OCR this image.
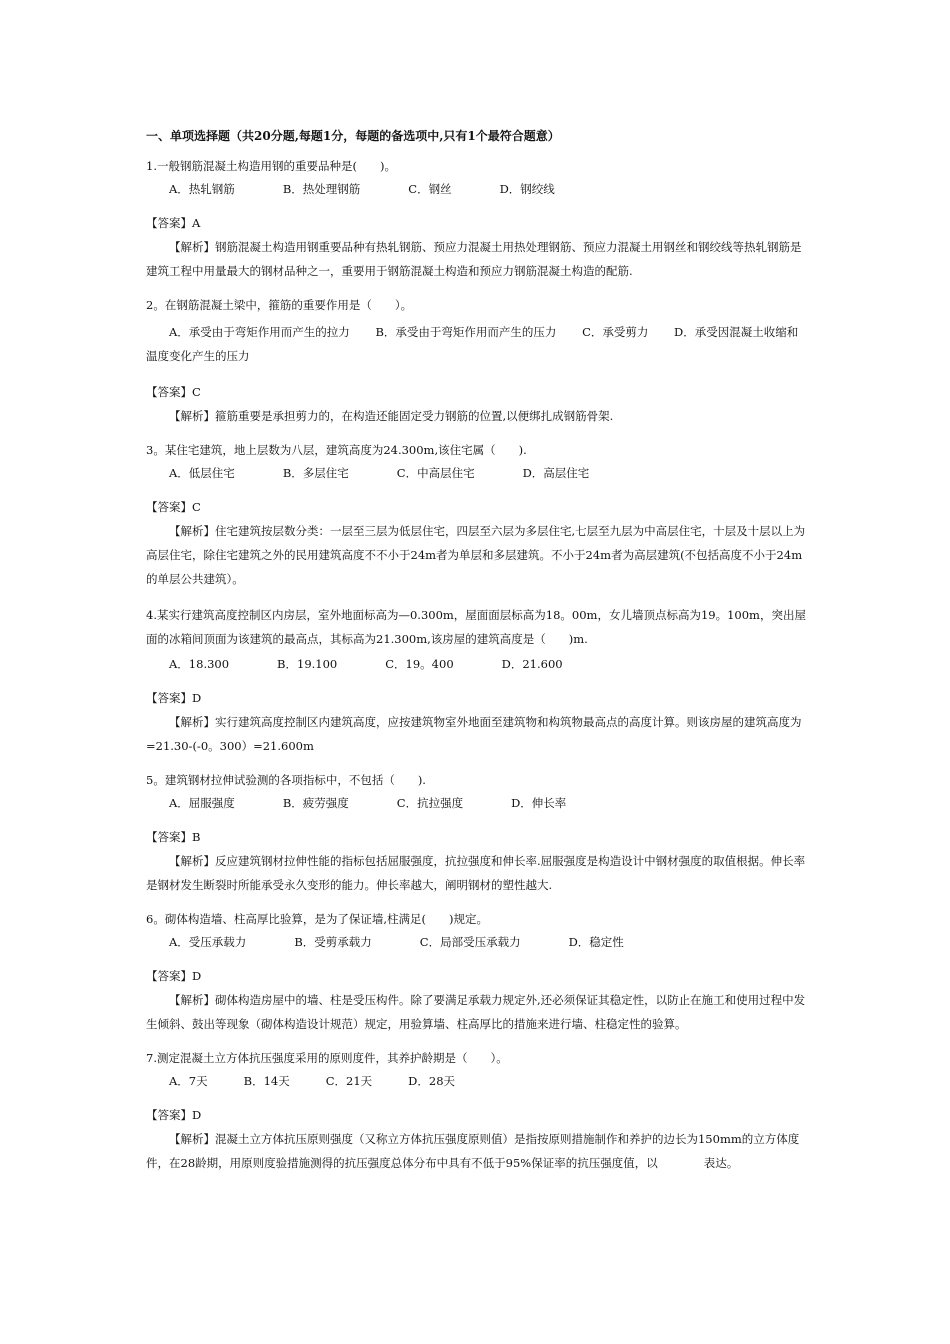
一、单项选择题（共20分题,每题1分，每题的备选项中,只有1个最符合题意）

1.一般钢筋混凝土构造用钢的重要品种是(　　)。

A．热轧钢筋	B．热处理钢筋	C．钢丝	D．钢绞线

【答案】A

【解析】钢筋混凝土构造用钢重要品种有热轧钢筋、预应力混凝土用热处理钢筋、预应力混凝土用钢丝和钢绞线等热轧钢筋是建筑工程中用量最大的钢材品种之一，重要用于钢筋混凝土构造和预应力钢筋混凝土构造的配筋.

2。在钢筋混凝土梁中，箍筋的重要作用是（　　）。

A．承受由于弯矩作用而产生的拉力 B．承受由于弯矩作用而产生的压力 C．承受剪力 D．承受因混凝土收缩和温度变化产生的压力

【答案】C

【解析】箍筋重要是承担剪力的，在构造还能固定受力钢筋的位置,以便绑扎成钢筋骨架.

3。某住宅建筑，地上层数为八层，建筑高度为24.300m,该住宅属（　　).

A．低层住宅	B．多层住宅	C．中高层住宅	D．高层住宅

【答案】C

【解析】住宅建筑按层数分类：一层至三层为低层住宅，四层至六层为多层住宅,七层至九层为中高层住宅，十层及十层以上为高层住宅，除住宅建筑之外的民用建筑高度不不小于24m者为单层和多层建筑。不小于24m者为高层建筑(不包括高度不小于24m的单层公共建筑）。

4.某实行建筑高度控制区内房层，室外地面标高为—0.300m，屋面面层标高为18。00m，女儿墙顶点标高为19。100m，突出屋面的冰箱间顶面为该建筑的最高点，其标高为21.300m,该房屋的建筑高度是（　　)m.

A．18.300	B．19.100	C．19。400	D．21.600

【答案】D

【解析】实行建筑高度控制区内建筑高度，应按建筑物室外地面至建筑物和构筑物最高点的高度计算。则该房屋的建筑高度为=21.30-(-0。300）=21.600m

5。建筑钢材拉伸试验测的各项指标中，不包括（　　).

A．屈服强度	B．疲劳强度	C．抗拉强度	D．伸长率

【答案】B

【解析】反应建筑钢材拉伸性能的指标包括屈服强度，抗拉强度和伸长率.屈服强度是构造设计中钢材强度的取值根据。伸长率是钢材发生断裂时所能承受永久变形的能力。伸长率越大，阐明钢材的塑性越大.

6。砌体构造墙、柱高厚比验算，是为了保证墙,柱满足(　　)规定。

A．受压承载力	B．受剪承载力	C．局部受压承载力	D．稳定性

【答案】D

【解析】砌体构造房屋中的墙、柱是受压构件。除了要满足承载力规定外,还必须保证其稳定性，以防止在施工和使用过程中发生倾斜、鼓出等现象（砌体构造设计规范）规定，用验算墙、柱高厚比的措施来进行墙、柱稳定性的验算。

7.测定混凝土立方体抗压强度采用的原则度件，其养护龄期是（　　）。

A．7天	B．14天	C．21天	D．28天

【答案】D

【解析】混凝土立方体抗压原则强度（又称立方体抗压强度原则值）是指按原则措施制作和养护的边长为150mm的立方体度件，在28龄期，用原则度验措施测得的抗压强度总体分布中具有不低于95%保证率的抗压强度值，以　　　　表达。
